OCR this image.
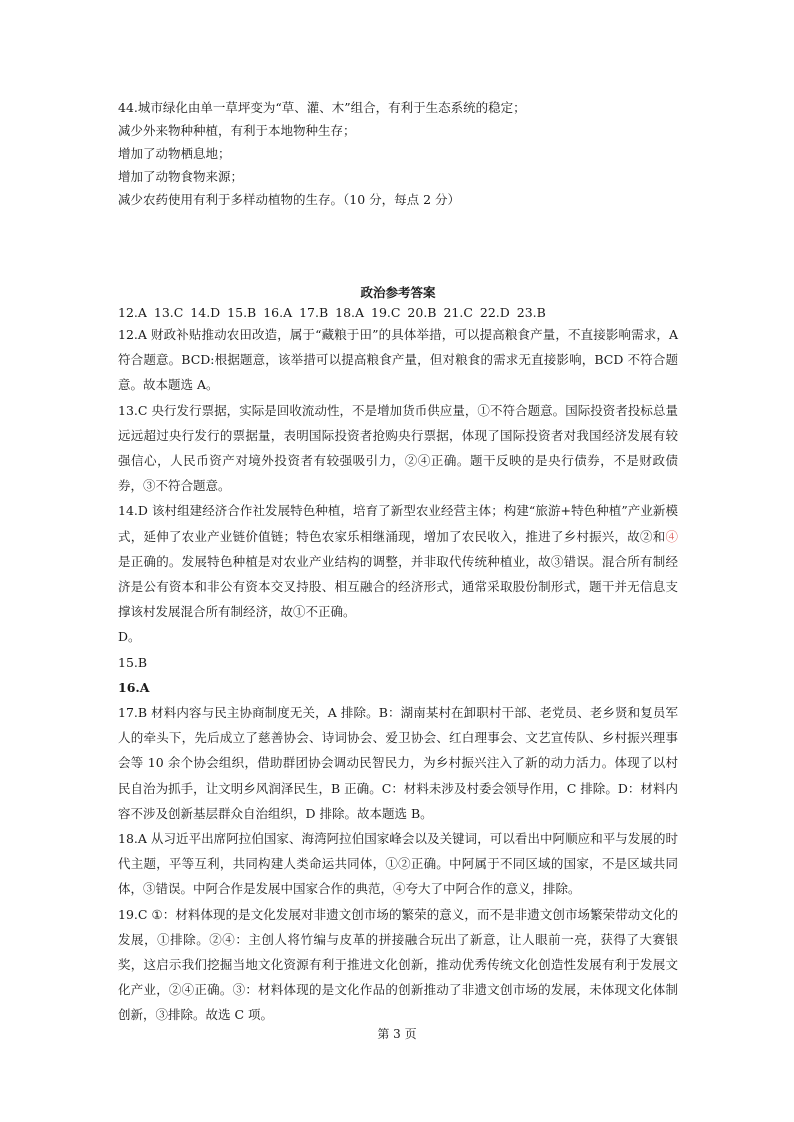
44.城市绿化由单一草坪变为“草、灌、木”组合，有利于生态系统的稳定；

减少外来物种种植，有利于本地物种生存；

增加了动物栖息地；

增加了动物食物来源；

减少农药使用有利于多样动植物的生存。（10 分，每点 2 分）

政治参考答案

12.A 13.C 14.D 15.B 16.A 17.B 18.A 19.C 20.B 21.C 22.D 23.B

12.A 财政补贴推动农田改造，属于“藏粮于田”的具体举措，可以提高粮食产量，不直接影响需求，A 符合题意。BCD:根据题意，该举措可以提高粮食产量，但对粮食的需求无直接影响，BCD 不符合题意。故本题选 A。

13.C 央行发行票据，实际是回收流动性，不是增加货币供应量，①不符合题意。国际投资者投标总量远远超过央行发行的票据量，表明国际投资者抢购央行票据，体现了国际投资者对我国经济发展有较强信心，人民币资产对境外投资者有较强吸引力，②④正确。题干反映的是央行债券，不是财政债券，③不符合题意。

14.D 该村组建经济合作社发展特色种植，培育了新型农业经营主体；构建“旅游+特色种植”产业新模式，延伸了农业产业链价值链；特色农家乐相继涌现，增加了农民收入，推进了乡村振兴，故②和④是正确的。发展特色种植是对农业产业结构的调整，并非取代传统种植业，故③错误。混合所有制经济是公有资本和非公有资本交叉持股、相互融合的经济形式，通常采取股份制形式，题干并无信息支撑该村发展混合所有制经济，故①不正确。

D。

15.B

16.A

17.B 材料内容与民主协商制度无关，A 排除。B：湖南某村在卸职村干部、老党员、老乡贤和复员军人的牵头下，先后成立了慈善协会、诗词协会、爱卫协会、红白理事会、文艺宣传队、乡村振兴理事会等 10 余个协会组织，借助群团协会调动民智民力，为乡村振兴注入了新的动力活力。体现了以村民自治为抓手，让文明乡风润泽民生，B 正确。C：材料未涉及村委会领导作用，C 排除。D：材料内容不涉及创新基层群众自治组织，D 排除。故本题选 B。

18.A 从习近平出席阿拉伯国家、海湾阿拉伯国家峰会以及关键词，可以看出中阿顺应和平与发展的时代主题，平等互利，共同构建人类命运共同体，①②正确。中阿属于不同区域的国家，不是区域共同体，③错误。中阿合作是发展中国家合作的典范，④夸大了中阿合作的意义，排除。

19.C ①：材料体现的是文化发展对非遗文创市场的繁荣的意义，而不是非遗文创市场繁荣带动文化的发展，①排除。②④：主创人将竹编与皮革的拼接融合玩出了新意，让人眼前一亮，获得了大赛银奖，这启示我们挖掘当地文化资源有利于推进文化创新，推动优秀传统文化创造性发展有利于发展文化产业，②④正确。③：材料体现的是文化作品的创新推动了非遗文创市场的发展，未体现文化体制创新，③排除。故选 C 项。

第 3 页
